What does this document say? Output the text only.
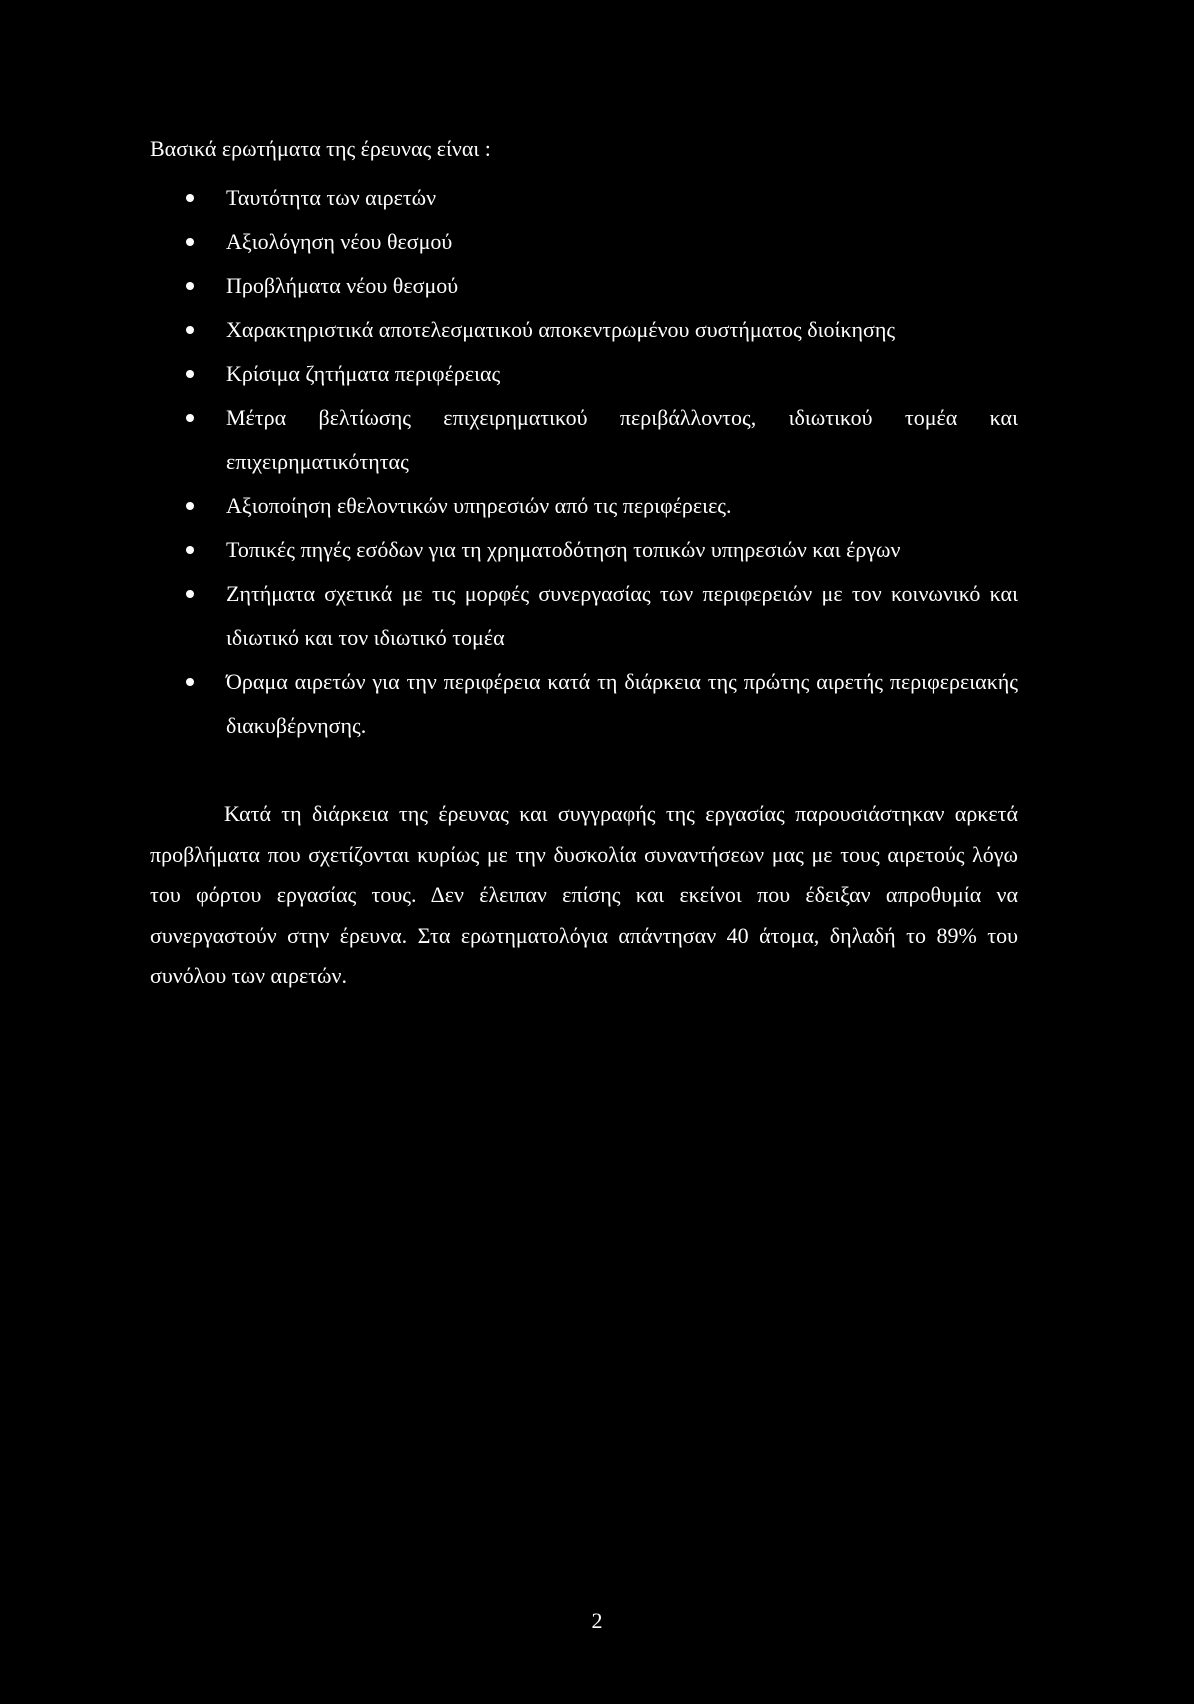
Βασικά ερωτήματα της έρευνας είναι :

Ταυτότητα των αιρετών
Αξιολόγηση νέου θεσμού
Προβλήματα νέου θεσμού
Χαρακτηριστικά αποτελεσματικού αποκεντρωμένου συστήματος διοίκησης
Κρίσιμα ζητήματα περιφέρειας
Μέτρα βελτίωσης επιχειρηματικού περιβάλλοντος, ιδιωτικού τομέα και επιχειρηματικότητας
Αξιοποίηση εθελοντικών υπηρεσιών από τις περιφέρειες.
Τοπικές πηγές εσόδων για τη χρηματοδότηση τοπικών υπηρεσιών και έργων
Ζητήματα σχετικά με τις μορφές συνεργασίας των περιφερειών με τον κοινωνικό και ιδιωτικό και τον ιδιωτικό τομέα
Όραμα αιρετών για την περιφέρεια κατά τη διάρκεια της πρώτης αιρετής περιφερειακής διακυβέρνησης.

Κατά τη διάρκεια της έρευνας και συγγραφής της εργασίας παρουσιάστηκαν αρκετά προβλήματα που σχετίζονται κυρίως με την δυσκολία συναντήσεων μας με τους αιρετούς λόγω του φόρτου εργασίας τους. Δεν έλειπαν επίσης και εκείνοι που έδειξαν απροθυμία να συνεργαστούν στην έρευνα. Στα ερωτηματολόγια απάντησαν 40 άτομα, δηλαδή το 89% του συνόλου των αιρετών.

2
